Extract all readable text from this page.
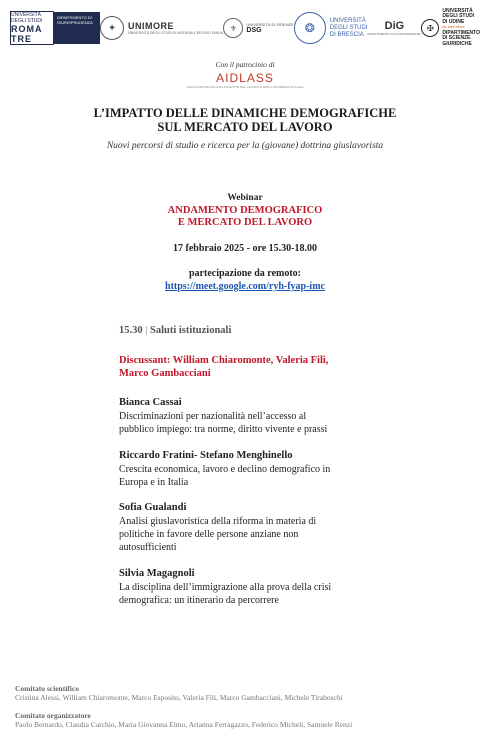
UNIVERSITÀ DEGLI STUDI
ROMA TRE
DIPARTIMENTO DI GIURISPRUDENZA	✦	UNIMORE
UNIVERSITÀ DEGLI STUDI DI MODENA E REGGIO EMILIA
⚜	UNIVERSITÀ DI FIRENZE
DSG	❂
UNIVERSITÀ
DEGLI STUDI
DI BRESCIA
DiG
DIPARTIMENTO DI GIURISPRUDENZA
✠
UNIVERSITÀ
DEGLI STUDI
DI UDINE
hic sunt futura
DIPARTIMENTO
DI SCIENZE
GIURIDICHE
Con il patrocinio di
AIDLASS
ASSOCIAZIONE ITALIANA DI DIRITTO DEL LAVORO E DELLA SICUREZZA SOCIALE
L’IMPATTO DELLE DINAMICHE DEMOGRAFICHE
SUL MERCATO DEL LAVORO
Nuovi percorsi di studio e ricerca per la (giovane) dottrina giuslavorista
Webinar
ANDAMENTO DEMOGRAFICO
E MERCATO DEL LAVORO
17 febbraio 2025 - ore 15.30-18.00
partecipazione da remoto:
https://meet.google.com/ryh-fyap-imc
15.30 | Saluti istituzionali
Discussant: William Chiaromonte, Valeria Fili,
Marco Gambacciani
Bianca Cassai
Discriminazioni per nazionalità nell’accesso al
pubblico impiego: tra norme, diritto vivente e prassi
Riccardo Fratini- Stefano Menghinello
Crescita economica, lavoro e declino demografico in
Europa e in Italia
Sofia Gualandi
Analisi giuslavoristica della riforma in materia di
politiche in favore delle persone anziane non
autosufficienti
Silvia Magagnoli
La disciplina dell’immigrazione alla prova della crisi
demografica: un itinerario da percorrere
Comitato scientifico
Cristina Alessi, William Chiaromonte, Marco Esposito, Valeria Fili, Marco Gambacciani, Michele Tiraboschi
Comitato organizzatore
Paolo Bernardo, Claudia Carchio, Maria Giovanna Elmo, Arianna Ferragazzo, Federico Micheli, Samuele Renzi
